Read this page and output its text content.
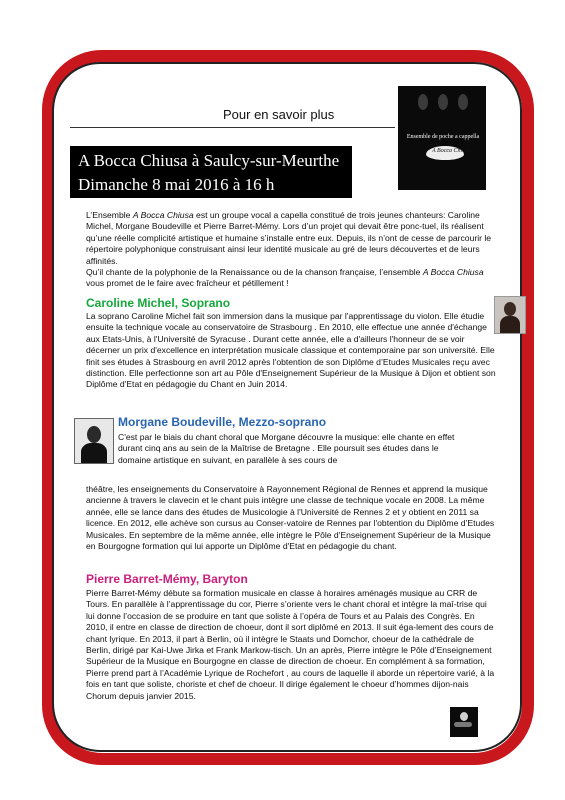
Pour en savoir plus
Ensemble de poche a cappella
A Bocca Chiusa
A Bocca Chiusa à Saulcy-sur-Meurthe
Dimanche 8 mai 2016 à 16 h

L’Ensemble A Bocca Chiusa est un groupe vocal a capella constitué de trois jeunes chanteurs: Caroline Michel, Morgane Boudeville et Pierre Barret-Mémy. Lors d’un projet qui devait être ponc-tuel, ils réalisent qu’une réelle complicité artistique et humaine s’installe entre eux. Depuis, ils n’ont de cesse de parcourir le répertoire polyphonique construisant ainsi leur identité musicale au gré de leurs découvertes et de leurs affinités.

Qu’il chante de la polyphonie de la Renaissance ou de la chanson française, l’ensemble A Bocca Chiusa vous promet de le faire avec fraîcheur et pétillement !

Caroline Michel, Soprano
La soprano Caroline Michel fait son immersion dans la musique par l'apprentissage du violon. Elle étudie ensuite la technique vocale au conservatoire de Strasbourg . En 2010, elle effectue une année d'échange aux Etats-Unis, à l'Université de Syracuse . Durant cette année, elle a d'ailleurs l'honneur de se voir décerner un prix d'excellence en interprétation musicale classique et contemporaine par son université. Elle finit ses études à Strasbourg en avril 2012 après l'obtention de son Diplôme d’Etudes Musicales reçu avec distinction. Elle perfectionne son art au Pôle d'Enseignement Supérieur de la Musique à Dijon et obtient son Diplôme d'Etat en pédagogie du Chant en Juin 2014.
Morgane Boudeville, Mezzo-soprano
C'est par le biais du chant choral que Morgane découvre la musique: elle chante en effet durant cinq ans au sein de la Maîtrise de Bretagne . Elle poursuit ses études dans le domaine artistique en suivant, en parallèle à ses cours de
théâtre, les enseignements du Conservatoire à Rayonnement Régional de Rennes et apprend la musique ancienne à travers le clavecin et le chant puis intègre une classe de technique vocale en 2008. La même année, elle se lance dans des études de Musicologie à l'Université de Rennes 2 et y obtient en 2011 sa licence. En 2012, elle achève son cursus au Conser-vatoire de Rennes par l'obtention du Diplôme d’Etudes Musicales. En septembre de la même année, elle intègre le Pôle d'Enseignement Supérieur de la Musique en Bourgogne formation qui lui apporte un Diplôme d'Etat en pédagogie du chant.
Pierre Barret-Mémy, Baryton
Pierre Barret-Mémy débute sa formation musicale en classe à horaires aménagés musique au CRR de Tours. En parallèle à l’apprentissage du cor, Pierre s’oriente vers le chant choral et intègre la maî-trise qui lui donne l’occasion de se produire en tant que soliste à l’opéra de Tours et au Palais des Congrès. En 2010, il entre en classe de direction de choeur, dont il sort diplômé en 2013. Il suit éga-lement des cours de chant lyrique. En 2013, il part à Berlin, où il intègre le Staats und Domchor, choeur de la cathédrale de Berlin, dirigé par Kai-Uwe Jirka et Frank Markow-tisch. Un an après, Pierre intègre le Pôle d’Enseignement Supérieur de la Musique en Bourgogne en classe de direction de choeur. En complément à sa formation, Pierre prend part à l’Académie Lyrique de Rochefort , au cours de laquelle il aborde un répertoire varié, à la fois en tant que soliste, choriste et chef de choeur. Il dirige également le choeur d’hommes dijon-nais Chorum depuis janvier 2015.
